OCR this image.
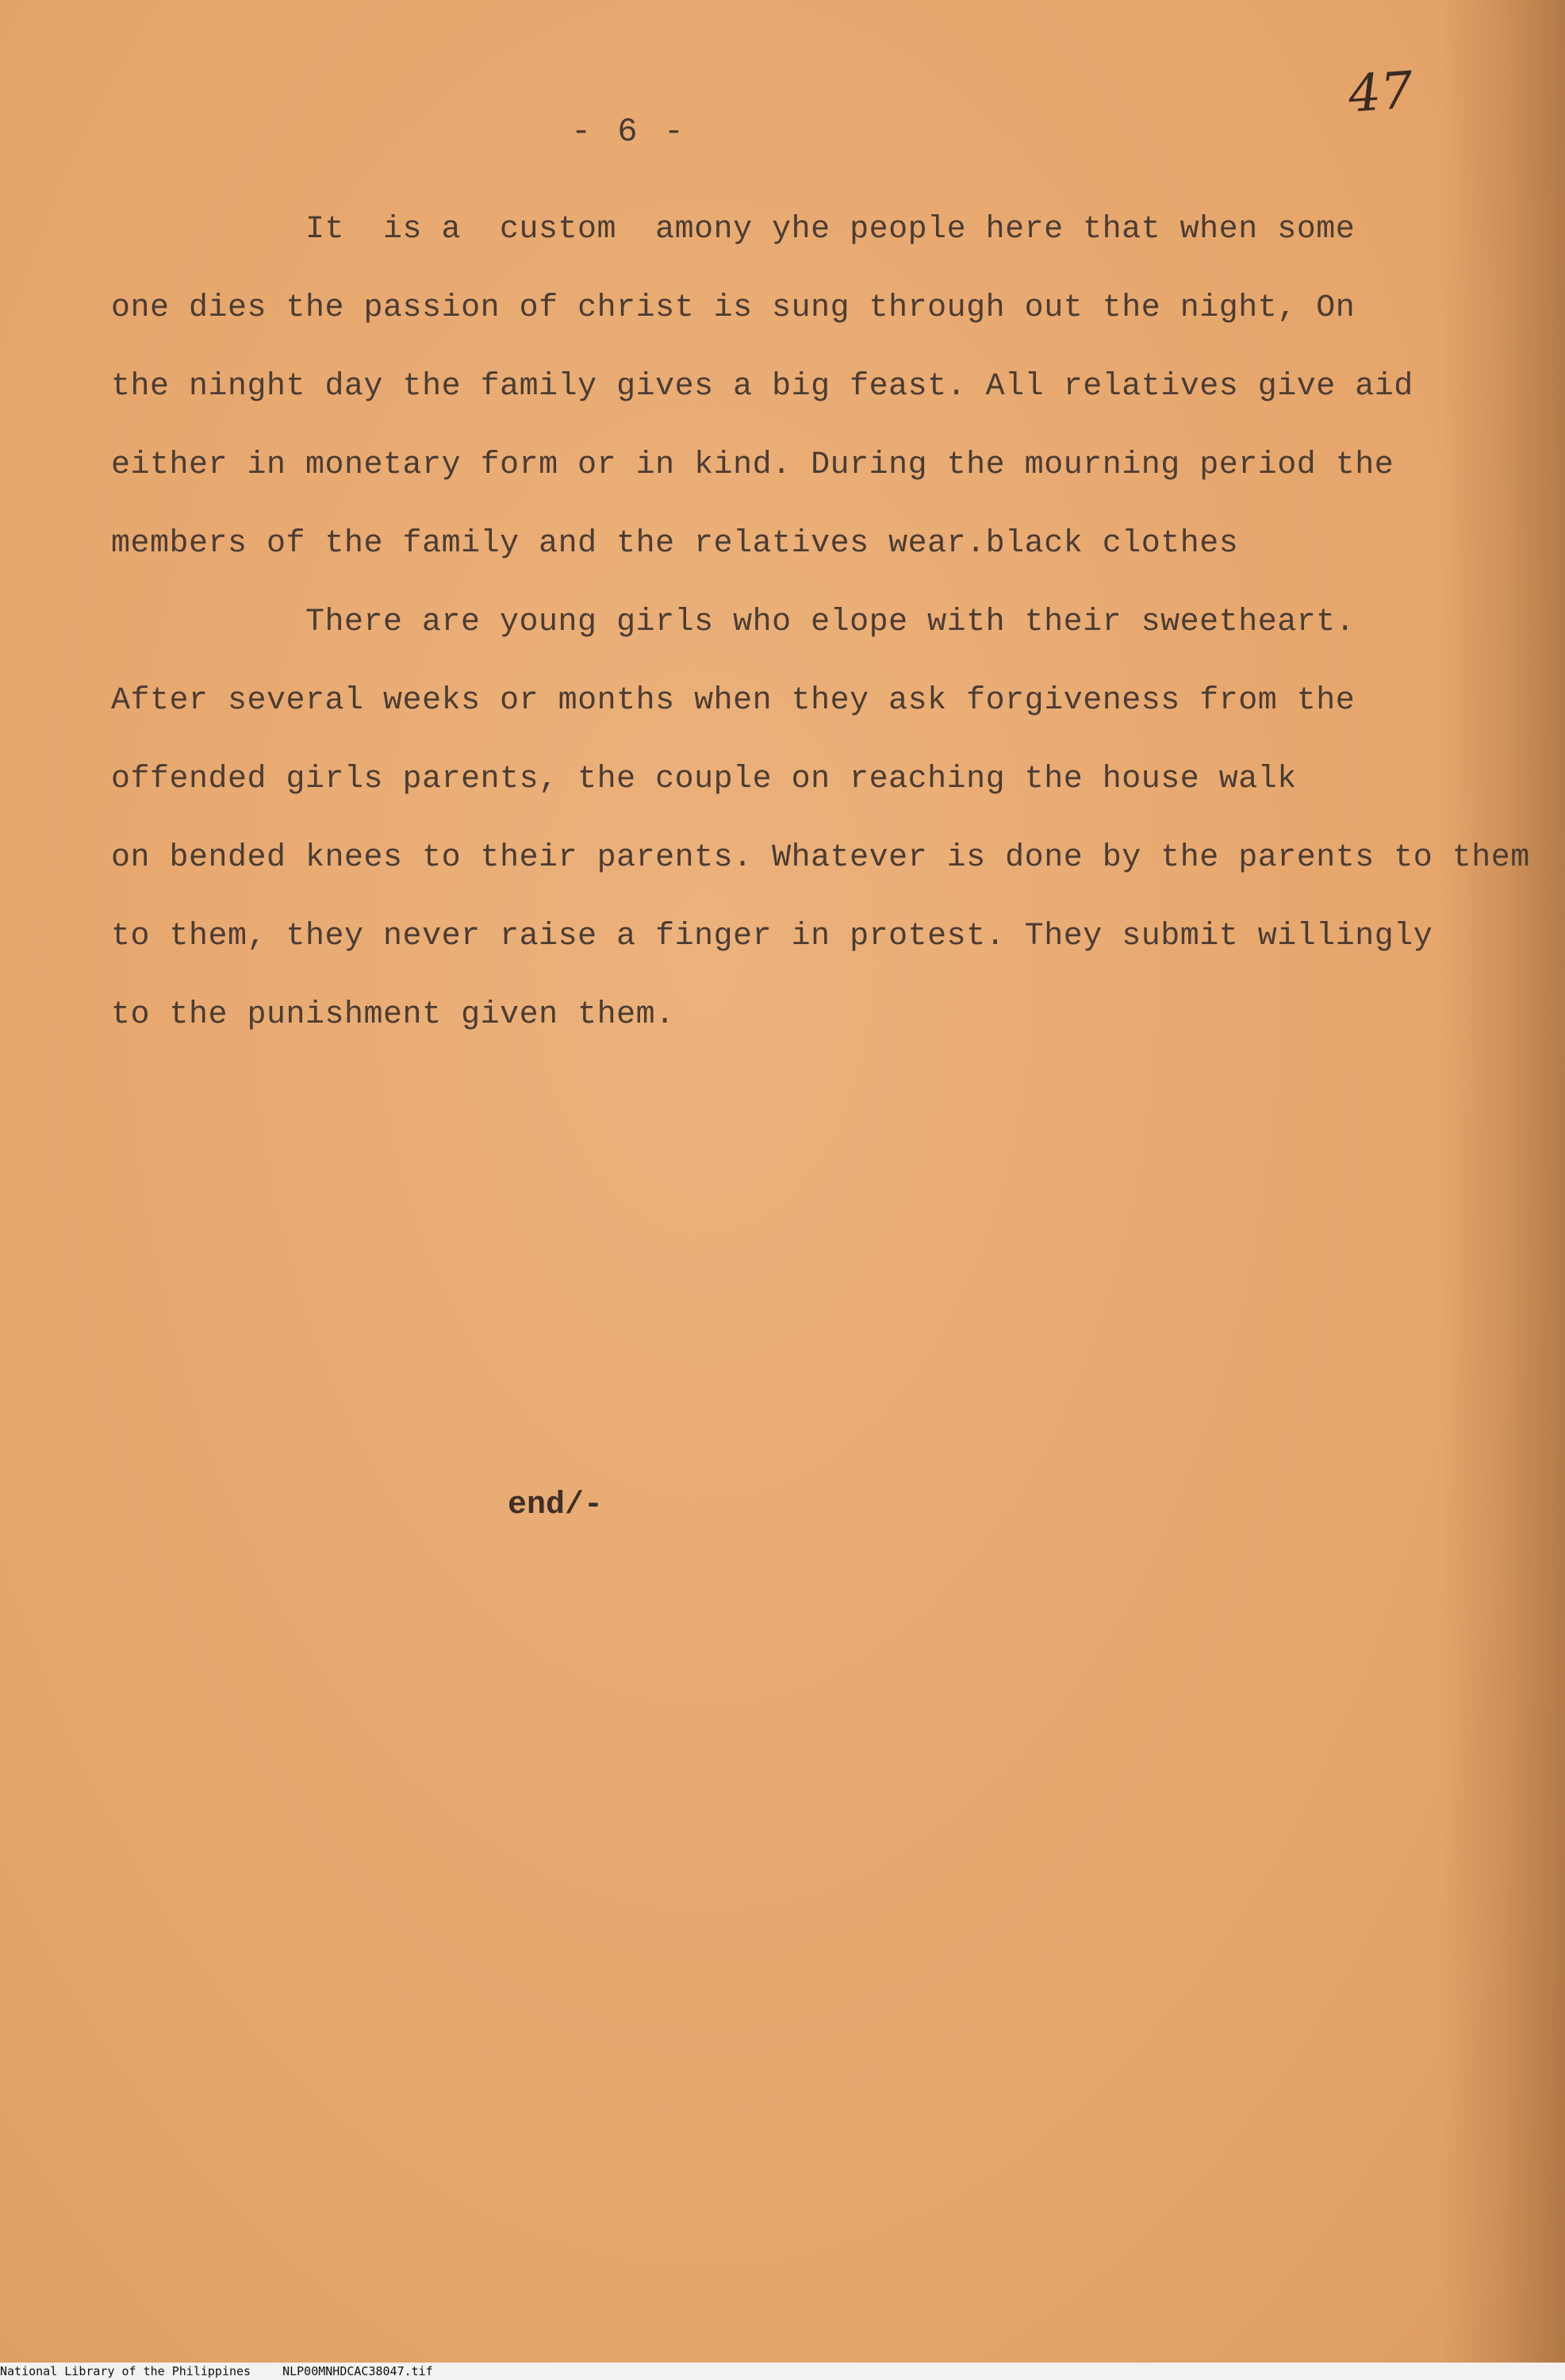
- 6 -
47
It  is a  custom  amony yhe people here that when some
one dies the passion of christ is sung through out the night, On
the ninght day the family gives a big feast. All relatives give aid
either in monetary form or in kind. During the mourning period the
members of the family and the relatives wear.black clothes
There are young girls who elope with their sweetheart.
After several weeks or months when they ask forgiveness from the
offended girls parents, the couple on reaching the house walk
on bended knees to their parents. Whatever is done by the parents to them
to them, they never raise a finger in protest. They submit willingly
to the punishment given them.
end/-
National Library of the Philippines	NLP00MNHDCAC38047.tif
